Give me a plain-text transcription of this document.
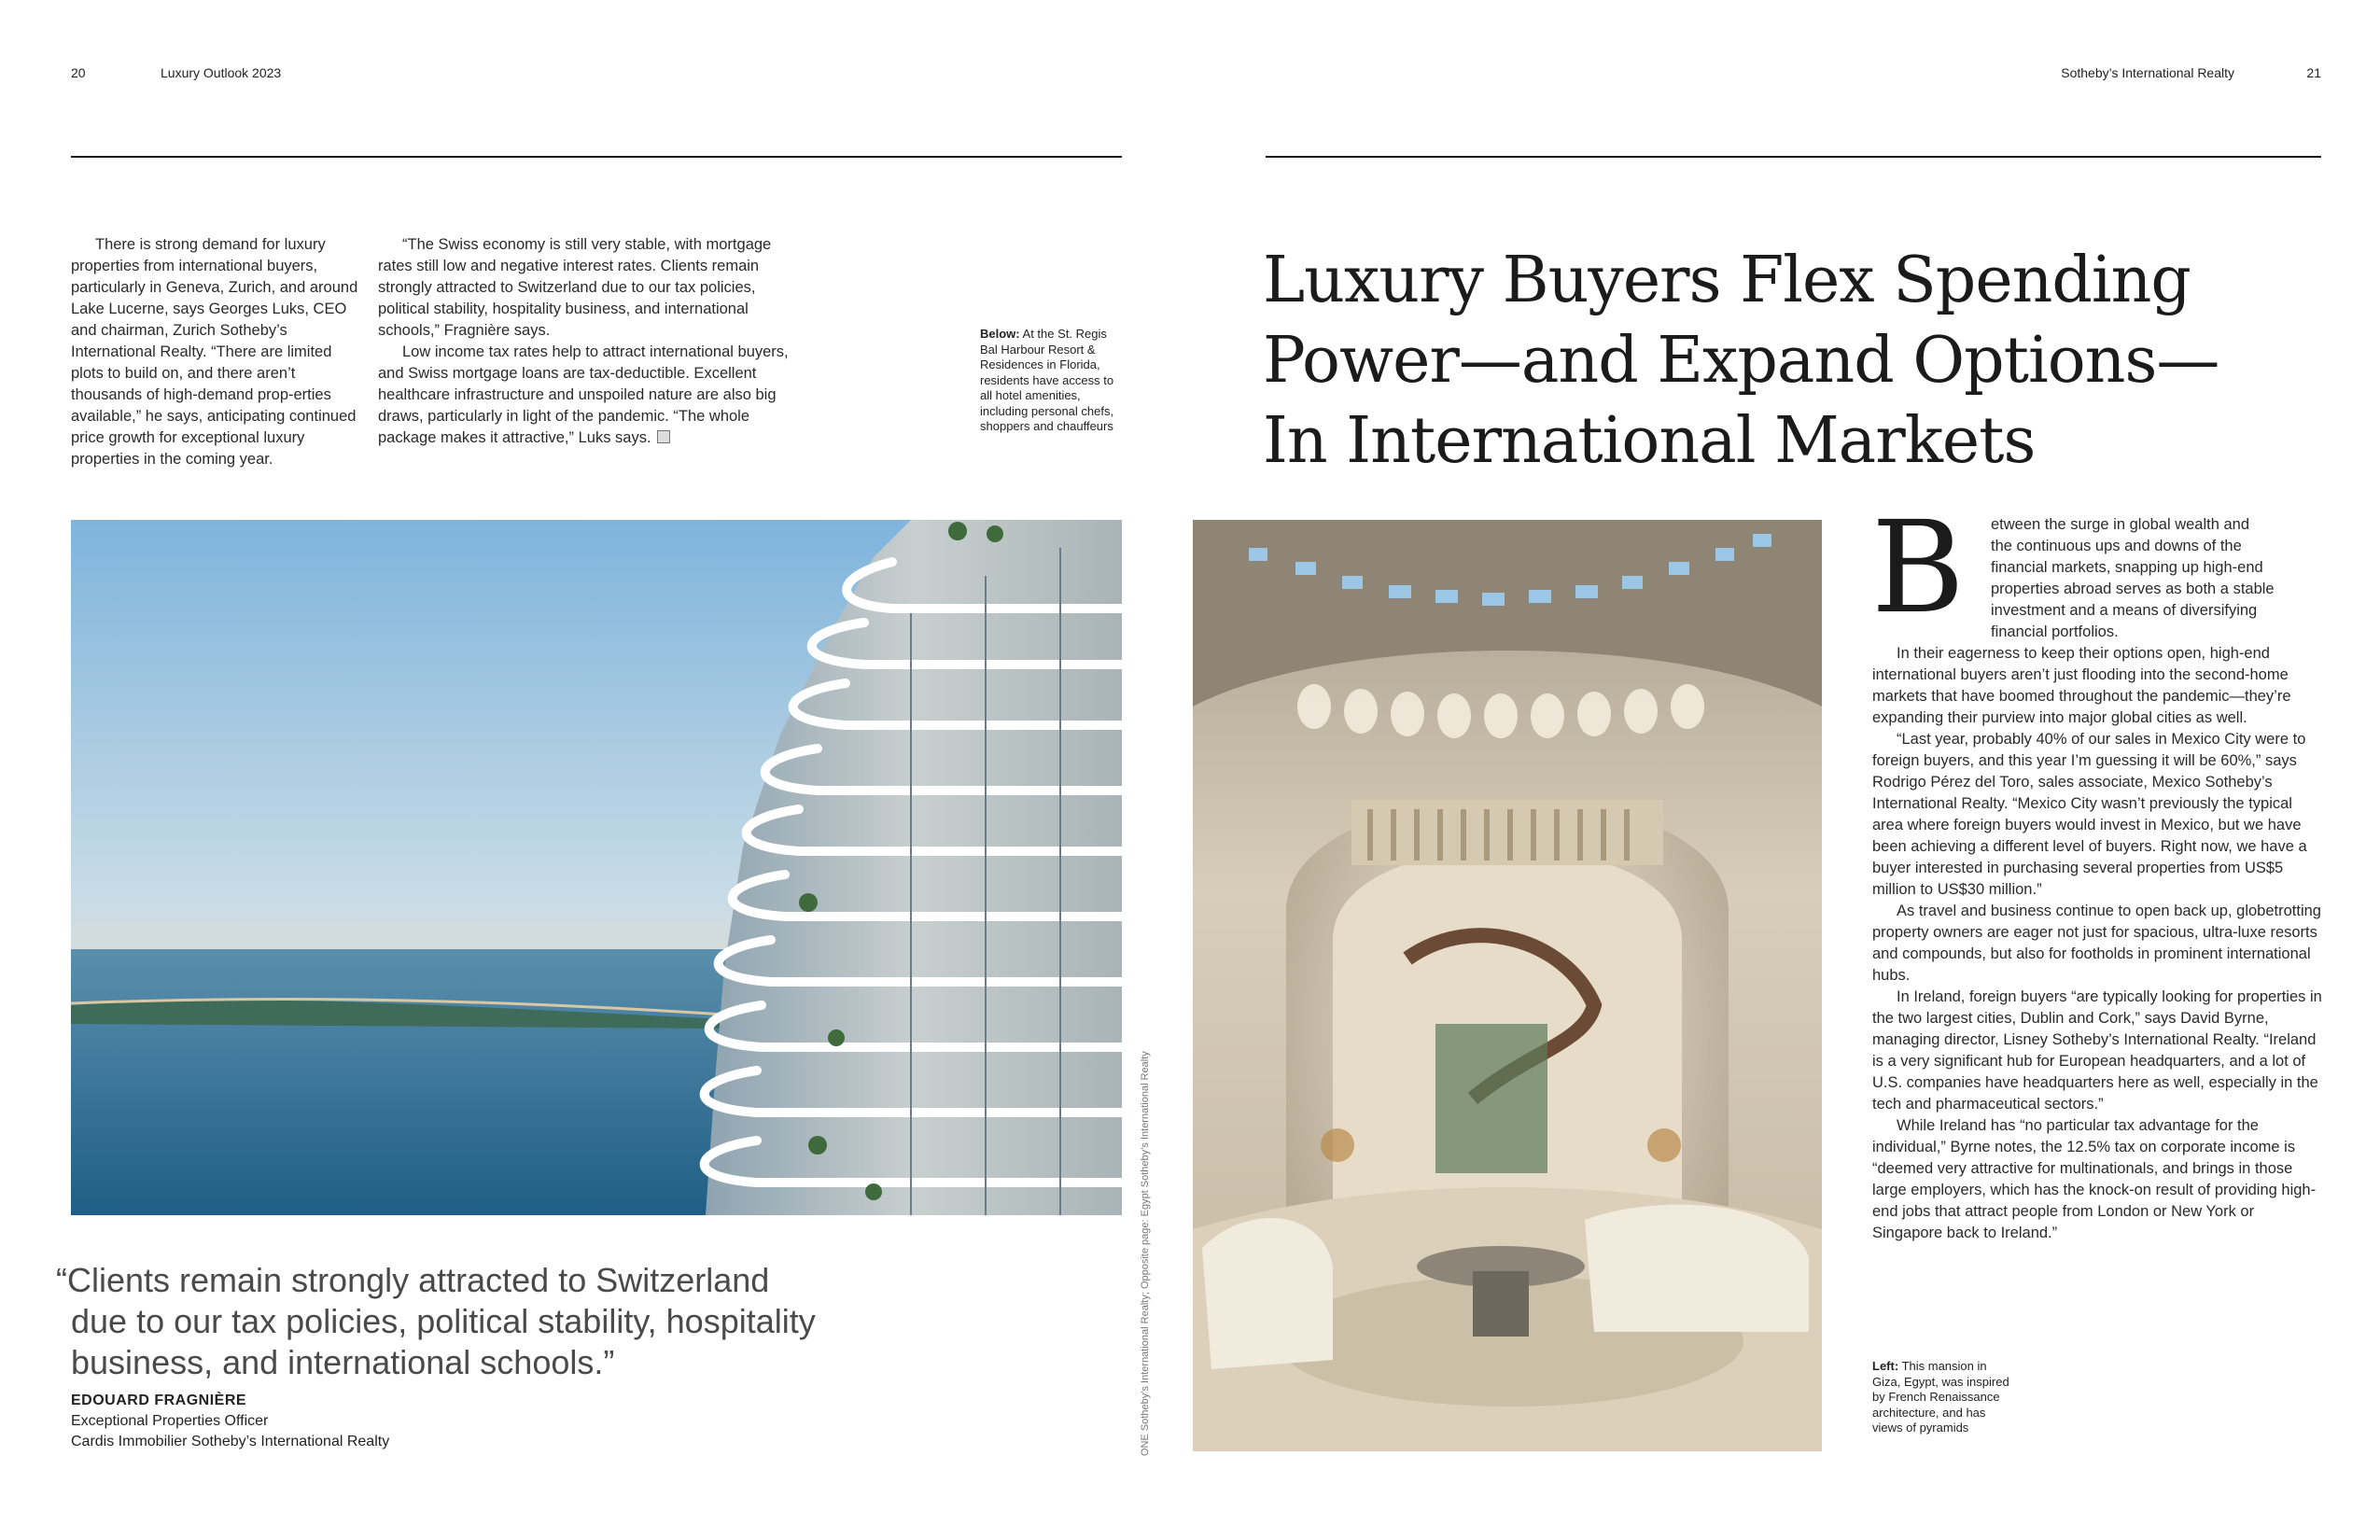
20	Luxury Outlook 2023	Sotheby’s International Realty	21

There is strong demand for luxury properties from international buyers, particularly in Geneva, Zurich, and around Lake Lucerne, says Georges Luks, CEO and chairman, Zurich Sotheby’s International Realty. “There are limited plots to build on, and there aren’t thousands of high-demand prop-erties available,” he says, anticipating continued price growth for exceptional luxury properties in the coming year.

“The Swiss economy is still very stable, with mortgage rates still low and negative interest rates. Clients remain strongly attracted to Switzerland due to our tax policies, political stability, hospitality business, and international schools,” Fragnière says.

Low income tax rates help to attract international buyers, and Swiss mortgage loans are tax-deductible. Excellent healthcare infrastructure and unspoiled nature are also big draws, particularly in light of the pandemic. “The whole package makes it attractive,” Luks says.

Below: At the St. Regis Bal Harbour Resort & Residences in Florida, residents have access to all hotel amenities, including personal chefs, shoppers and chauffeurs
“Clients remain strongly attracted to Switzerland
due to our tax policies, political stability, hospitality
business, and international schools.”
EDOUARD FRAGNIÈRE
Exceptional Properties Officer
Cardis Immobilier Sotheby’s International Realty	ONE Sotheby’s International Realty; Opposite page: Egypt Sotheby’s International Realty
Luxury Buyers Flex Spending
Power—and Expand Options—
In International Markets
B etween the surge in global wealth and
the continuous ups and downs of the
financial markets, snapping up high-end
properties abroad serves as both a stable
investment and a means of diversifying
financial portfolios.

In their eagerness to keep their options open, high-end international buyers aren’t just flooding into the second-home markets that have boomed throughout the pandemic—they’re expanding their purview into major global cities as well.

“Last year, probably 40% of our sales in Mexico City were to foreign buyers, and this year I’m guessing it will be 60%,” says Rodrigo Pérez del Toro, sales associate, Mexico Sotheby’s International Realty. “Mexico City wasn’t previously the typical area where foreign buyers would invest in Mexico, but we have been achieving a different level of buyers. Right now, we have a buyer interested in purchasing several properties from US$5 million to US$30 million.”

As travel and business continue to open back up, globetrotting property owners are eager not just for spacious, ultra-luxe resorts and compounds, but also for footholds in prominent international hubs.

In Ireland, foreign buyers “are typically looking for properties in the two largest cities, Dublin and Cork,” says David Byrne, managing director, Lisney Sotheby’s International Realty. “Ireland is a very significant hub for European headquarters, and a lot of U.S. companies have headquarters here as well, especially in the tech and pharmaceutical sectors.”

While Ireland has “no particular tax advantage for the individual,” Byrne notes, the 12.5% tax on corporate income is “deemed very attractive for multinationals, and brings in those large employers, which has the knock-on result of providing high-end jobs that attract people from London or New York or Singapore back to Ireland.”

Left: This mansion in Giza, Egypt, was inspired by French Renaissance architecture, and has views of pyramids
